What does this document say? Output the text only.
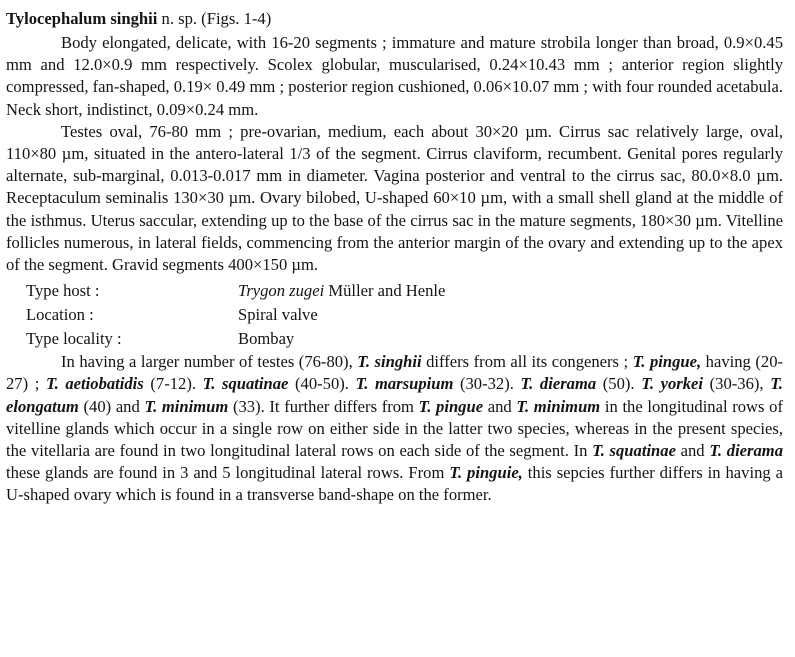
Tylocephalum singhii n. sp. (Figs. 1-4)

Body elongated, delicate, with 16-20 segments ; immature and mature strobila longer than broad, 0.9×0.45 mm and 12.0×0.9 mm respectively. Scolex globular, muscularised, 0.24×10.43 mm ; anterior region slightly compressed, fan-shaped, 0.19× 0.49 mm ; posterior region cushioned, 0.06×10.07 mm ; with four rounded acetabula. Neck short, indistinct, 0.09×0.24 mm.

Testes oval, 76-80 mm ; pre-ovarian, medium, each about 30×20 µm. Cirrus sac relatively large, oval, 110×80 µm, situated in the antero-lateral 1/3 of the segment. Cirrus claviform, recumbent. Genital pores regularly alternate, sub-marginal, 0.013-0.017 mm in diameter. Vagina posterior and ventral to the cirrus sac, 80.0×8.0 µm. Receptaculum seminalis 130×30 µm. Ovary bilobed, U-shaped 60×10 µm, with a small shell gland at the middle of the isthmus. Uterus saccular, extending up to the base of the cirrus sac in the mature segments, 180×30 µm. Vitelline follicles numerous, in lateral fields, commencing from the anterior margin of the ovary and extending up to the apex of the segment. Gravid segments 400×150 µm.

Type host :	Trygon zugei Müller and Henle
Location :	Spiral valve
Type locality :	Bombay

In having a larger number of testes (76-80), T. singhii differs from all its congeners ; T. pingue, having (20-27) ; T. aetiobatidis (7-12). T. squatinae (40-50). T. marsupium (30-32). T. dierama (50). T. yorkei (30-36), T. elongatum (40) and T. minimum (33). It further differs from T. pingue and T. minimum in the longitudinal rows of vitelline glands which occur in a single row on either side in the latter two species, whereas in the present species, the vitellaria are found in two longitudinal lateral rows on each side of the segment. In T. squatinae and T. dierama these glands are found in 3 and 5 longitudinal lateral rows. From T. pinguie, this sepcies further differs in having a U-shaped ovary which is found in a transverse band-shape on the former.
